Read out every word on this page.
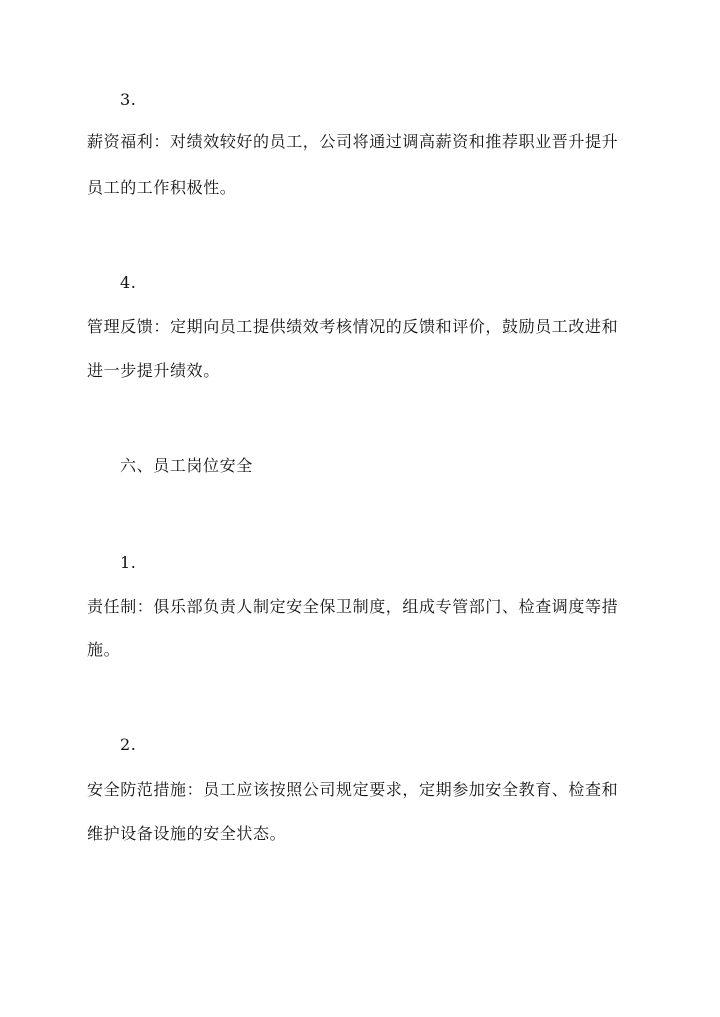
3.
薪资福利：对绩效较好的员工，公司将通过调高薪资和推荐职业晋升提升
员工的工作积极性。
4.
管理反馈：定期向员工提供绩效考核情况的反馈和评价，鼓励员工改进和
进一步提升绩效。
六、员工岗位安全
1.
责任制：俱乐部负责人制定安全保卫制度，组成专管部门、检查调度等措
施。
2.
安全防范措施：员工应该按照公司规定要求，定期参加安全教育、检查和
维护设备设施的安全状态。
